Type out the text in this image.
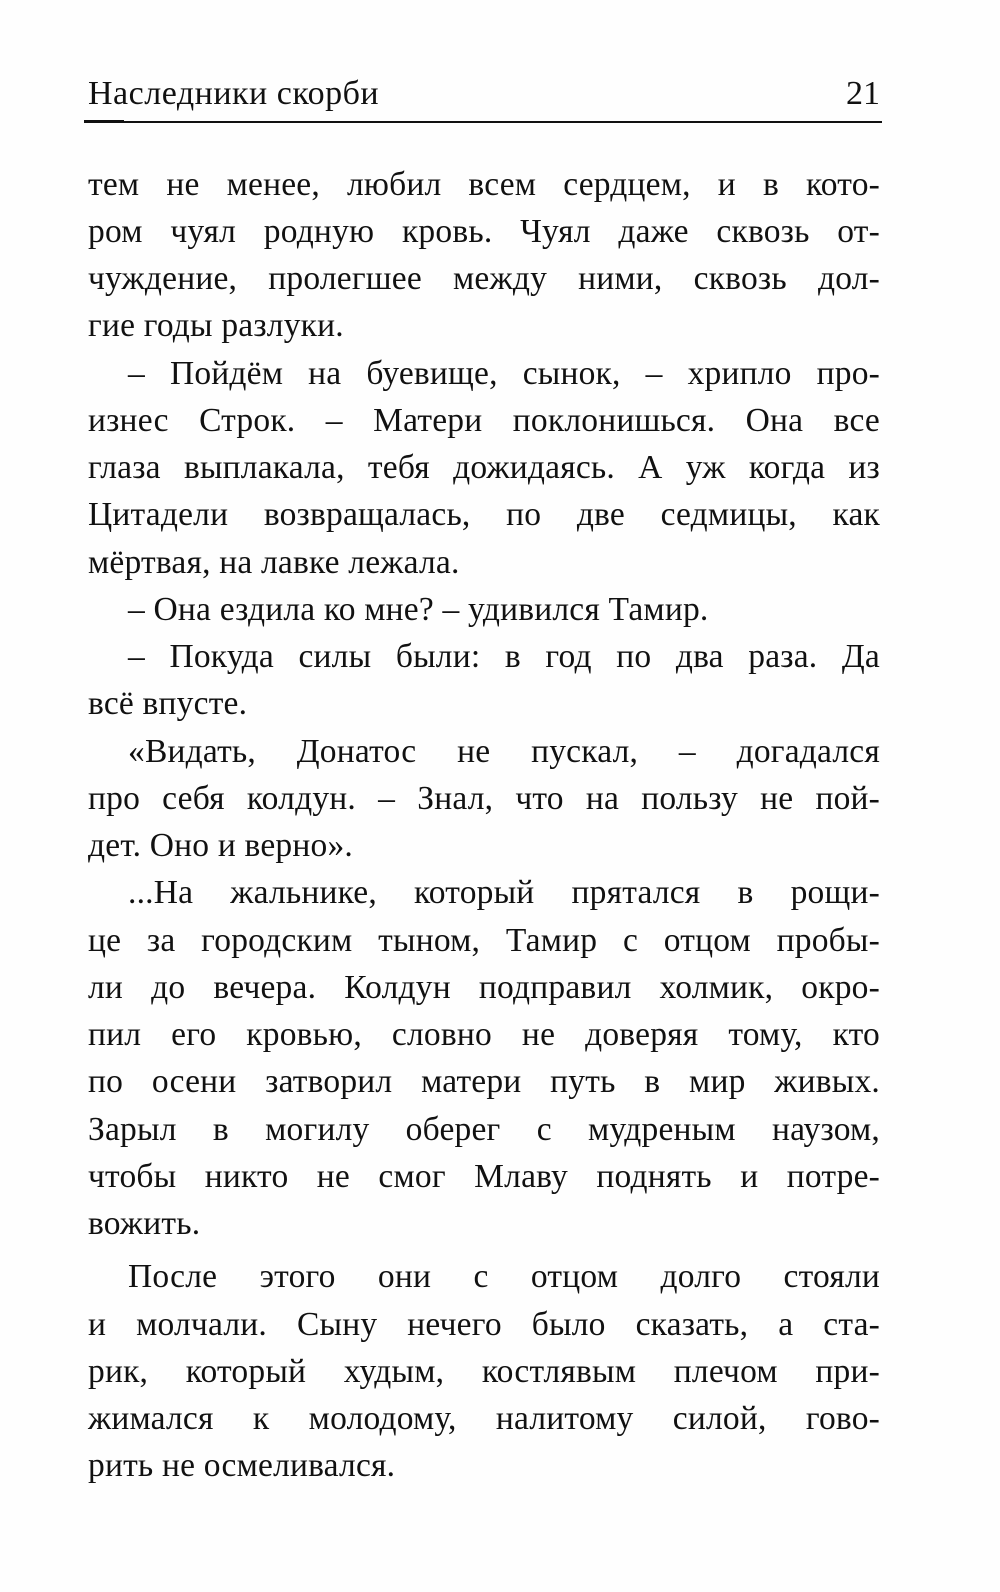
Наследники скорби	21
тем не менее, любил всем сердцем, и в кото-
ром чуял родную кровь. Чуял даже сквозь от-
чуждение, пролегшее между ними, сквозь дол-
гие годы разлуки.
– Пойдём на буевище, сынок, – хрипло про-
изнес Строк. – Матери поклонишься. Она все
глаза выплакала, тебя дожидаясь. А уж когда из
Цитадели возвращалась, по две седмицы, как
мёртвая, на лавке лежала.
– Она ездила ко мне? – удивился Тамир.
– Покуда силы были: в год по два раза. Да
всё впусте.
«Видать, Донатос не пускал, – догадался
про себя колдун. – Знал, что на пользу не пой-
дет. Оно и верно».
...На жальнике, который прятался в рощи-
це за городским тыном, Тамир с отцом пробы-
ли до вечера. Колдун подправил холмик, окро-
пил его кровью, словно не доверяя тому, кто
по осени затворил матери путь в мир живых.
Зарыл в могилу оберег с мудреным наузом,
чтобы никто не смог Млаву поднять и потре-
вожить.
После этого они с отцом долго стояли
и молчали. Сыну нечего было сказать, а ста-
рик, который худым, костлявым плечом при-
жимался к молодому, налитому силой, гово-
рить не осмеливался.
